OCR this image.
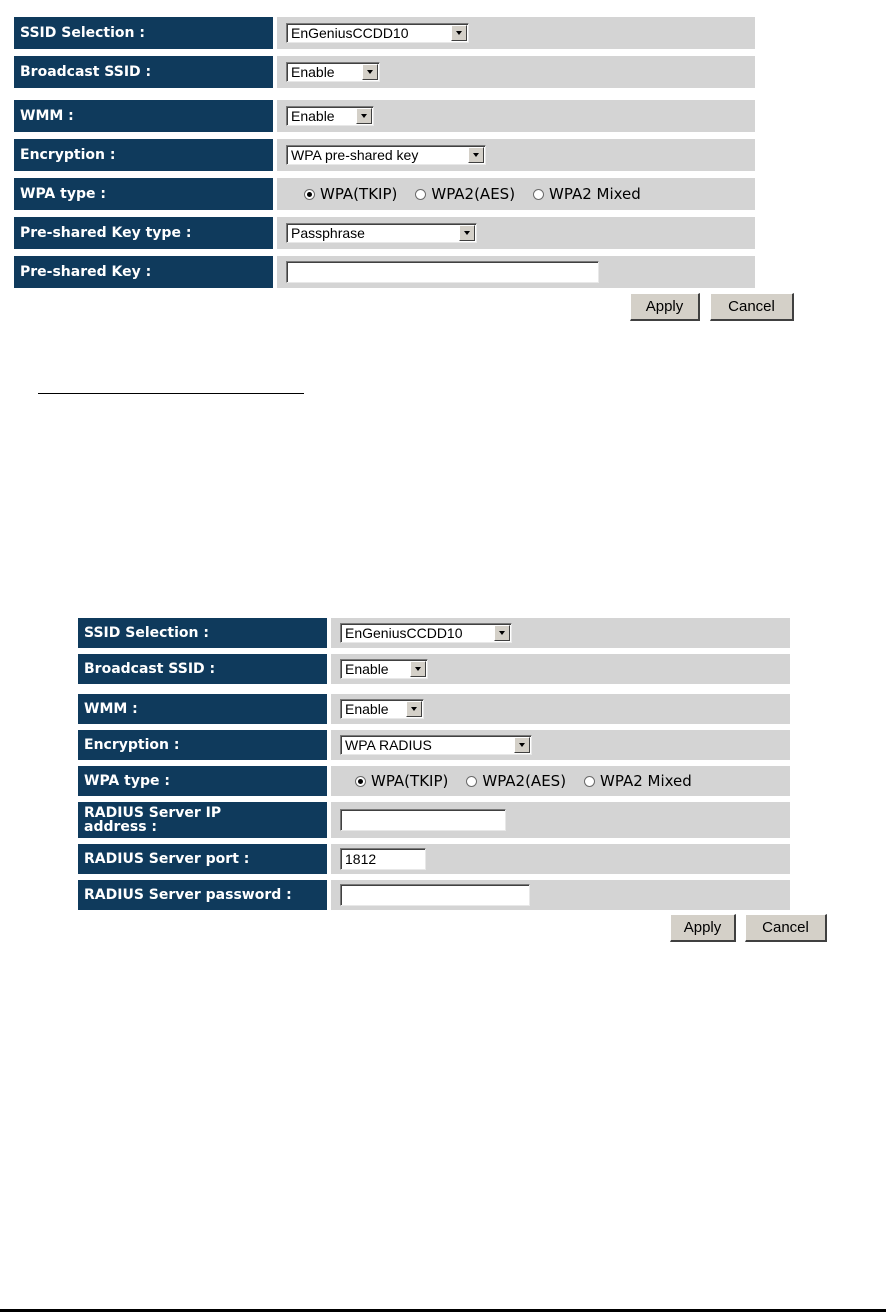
SSID Selection :	EnGeniusCCDD10
Broadcast SSID :	Enable
WMM :	Enable
Encryption :	WPA pre-shared key
WPA type :	WPA(TKIP) WPA2(AES) WPA2 Mixed
Pre-shared Key type :	Passphrase
Pre-shared Key :
Apply	Cancel
SSID Selection :	EnGeniusCCDD10
Broadcast SSID :	Enable
WMM :	Enable
Encryption :	WPA RADIUS
WPA type :	WPA(TKIP) WPA2(AES) WPA2 Mixed
RADIUS Server IP
address :
RADIUS Server port :	1812
RADIUS Server password :
Apply	Cancel
